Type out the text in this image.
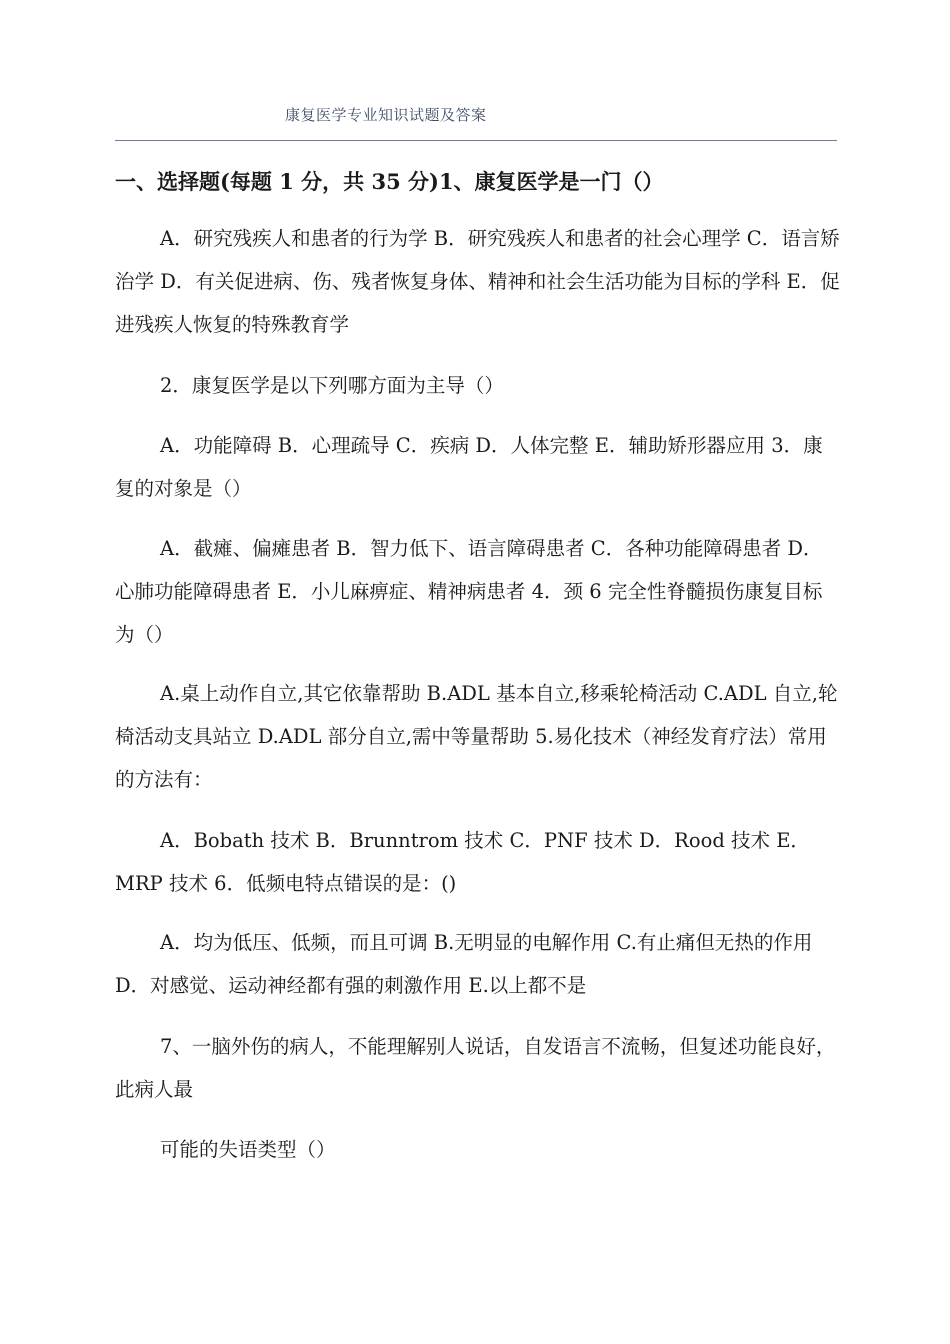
康复医学专业知识试题及答案
一、选择题(每题 1 分，共 35 分)1、康复医学是一门（）

A．研究残疾人和患者的行为学 B．研究残疾人和患者的社会心理学 C．语言矫治学 D．有关促进病、伤、残者恢复身体、精神和社会生活功能为目标的学科 E．促进残疾人恢复的特殊教育学

2．康复医学是以下列哪方面为主导（）

A．功能障碍 B．心理疏导 C．疾病 D．人体完整 E．辅助矫形器应用 3．康复的对象是（）

A．截瘫、偏瘫患者 B．智力低下、语言障碍患者 C．各种功能障碍患者 D．心肺功能障碍患者 E．小儿麻痹症、精神病患者 4．颈 6 完全性脊髓损伤康复目标为（）

A.桌上动作自立,其它依靠帮助 B.ADL 基本自立,移乘轮椅活动 C.ADL 自立,轮椅活动支具站立 D.ADL 部分自立,需中等量帮助 5.易化技术（神经发育疗法）常用的方法有：

A．Bobath 技术 B．Brunntrom 技术 C．PNF 技术 D．Rood 技术 E．MRP 技术 6．低频电特点错误的是：()

A．均为低压、低频，而且可调 B.无明显的电解作用 C.有止痛但无热的作用 D．对感觉、运动神经都有强的刺激作用 E.以上都不是

7、一脑外伤的病人，不能理解别人说话，自发语言不流畅，但复述功能良好，此病人最

可能的失语类型（）
